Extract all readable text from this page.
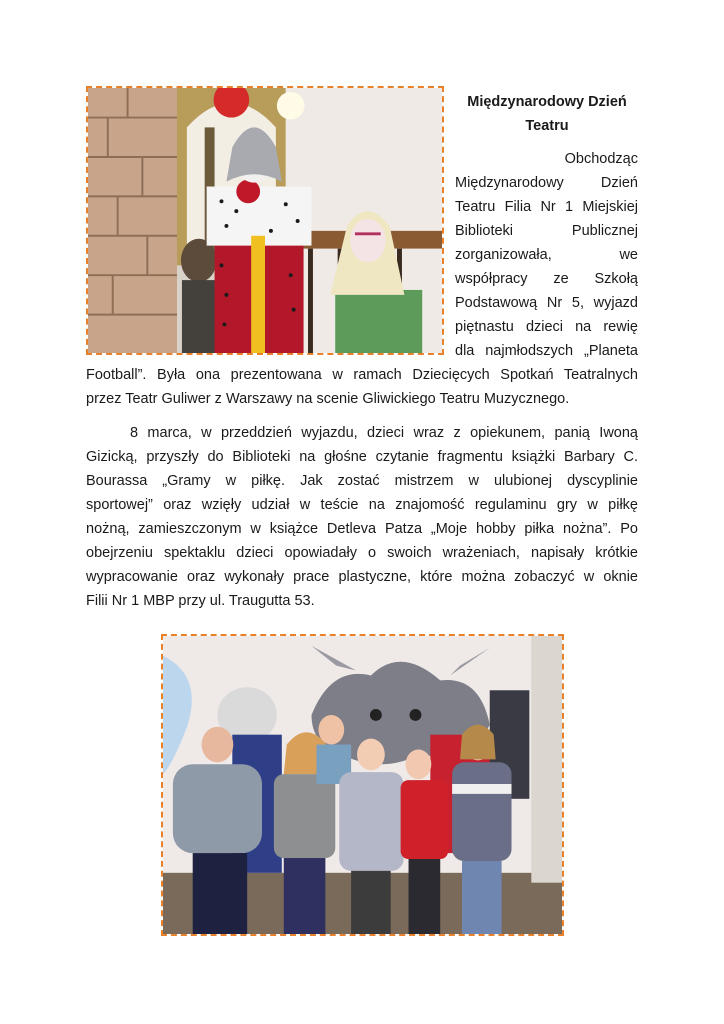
Międzynarodowy Dzień
Teatru
Obchodząc
Międzynarodowy Dzień
Teatru Filia Nr 1 Miejskiej
Biblioteki Publicznej
zorganizowała, we
współpracy ze Szkołą
Podstawową Nr 5, wyjazd
piętnastu dzieci na rewię
dla najmłodszych „Planeta
Football”. Była ona prezentowana w ramach Dziecięcych Spotkań Teatralnych
przez Teatr Guliwer z Warszawy na scenie Gliwickiego Teatru Muzycznego.
8 marca, w przeddzień wyjazdu, dzieci wraz z opiekunem, panią Iwoną
Gizicką, przyszły do Biblioteki na głośne czytanie fragmentu książki Barbary C.
Bourassa „Gramy w piłkę. Jak zostać mistrzem w ulubionej dyscyplinie
sportowej” oraz wzięły udział w teście na znajomość regulaminu gry w piłkę
nożną, zamieszczonym w książce Detleva Patza „Moje hobby piłka nożna”. Po
obejrzeniu spektaklu dzieci opowiadały o swoich wrażeniach, napisały krótkie
wypracowanie oraz wykonały prace plastyczne, które można zobaczyć w oknie
Filii Nr 1 MBP przy ul. Traugutta 53.
